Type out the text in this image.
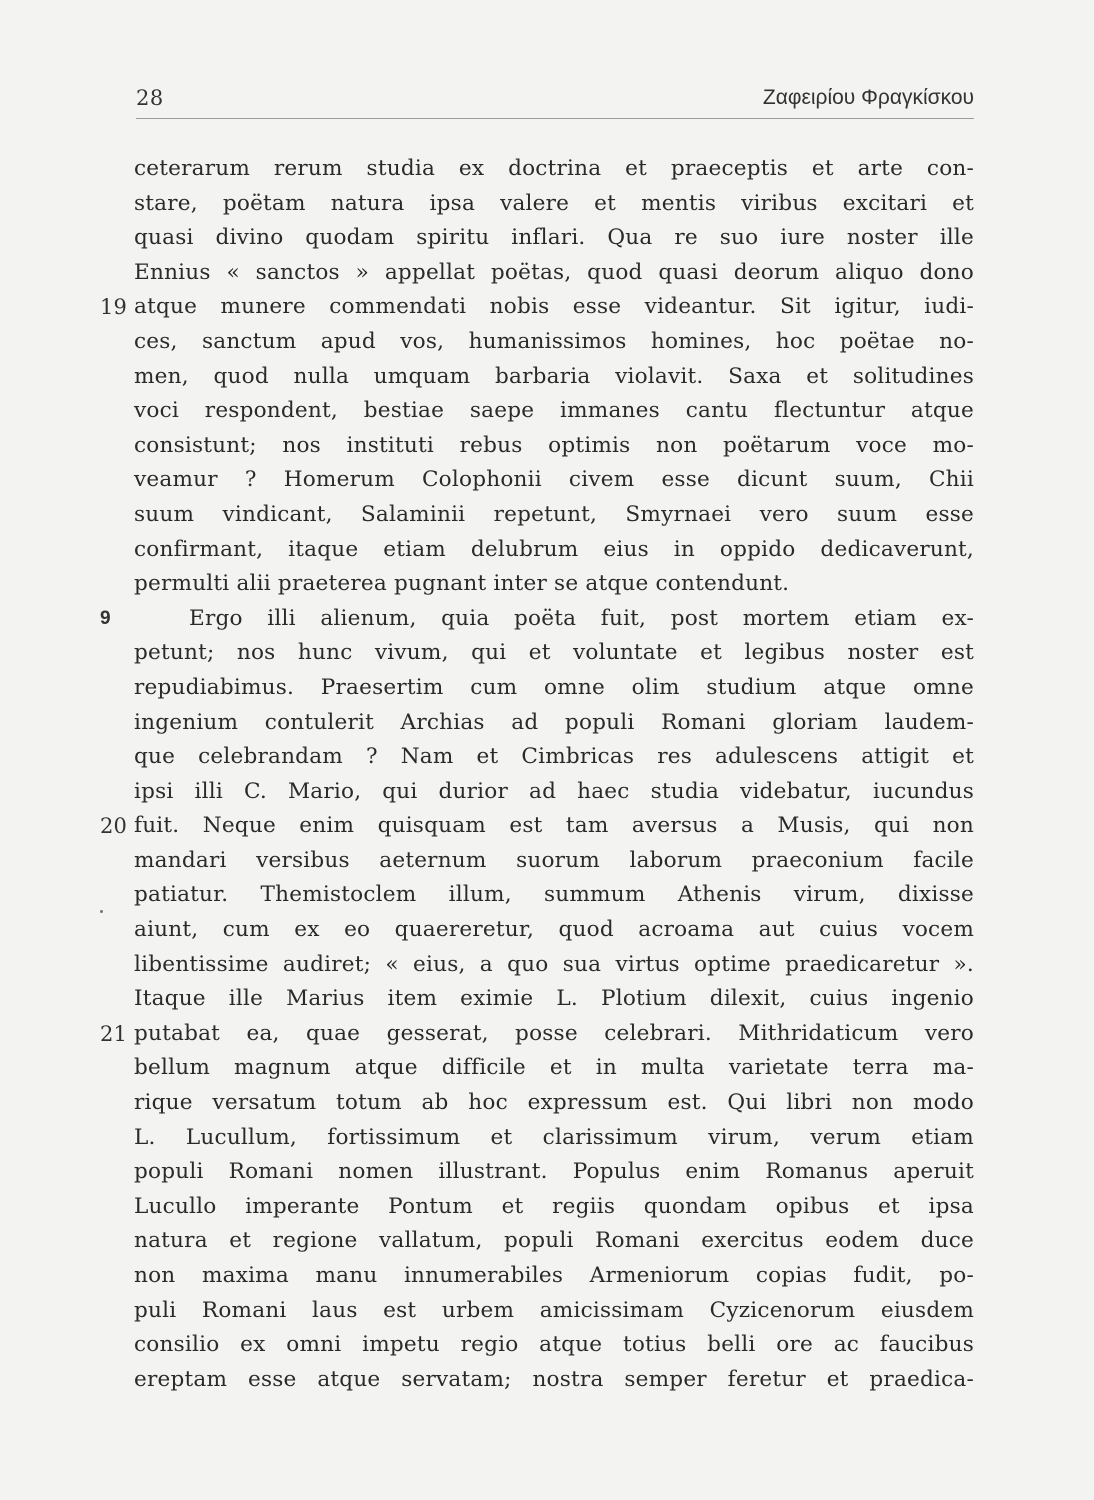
28	Ζαφειρίου Φραγκίσκου
ceterarum rerum studia ex doctrina et praeceptis et arte con-
stare, poëtam natura ipsa valere et mentis viribus excitari et
quasi divino quodam spiritu inflari. Qua re suo iure noster ille
Ennius « sanctos » appellat poëtas, quod quasi deorum aliquo dono
19 atque munere commendati nobis esse videantur. Sit igitur, iudi-
ces, sanctum apud vos, humanissimos homines, hoc poëtae no-
men, quod nulla umquam barbaria violavit. Saxa et solitudines
voci respondent, bestiae saepe immanes cantu flectuntur atque
consistunt; nos instituti rebus optimis non poëtarum voce mo-
veamur ? Homerum Colophonii civem esse dicunt suum, Chii
suum vindicant, Salaminii repetunt, Smyrnaei vero suum esse
confirmant, itaque etiam delubrum eius in oppido dedicaverunt,
permulti alii praeterea pugnant inter se atque contendunt.
9	Ergo illi alienum, quia poëta fuit, post mortem etiam ex-
petunt; nos hunc vivum, qui et voluntate et legibus noster est
repudiabimus. Praesertim cum omne olim studium atque omne
ingenium contulerit Archias ad populi Romani gloriam laudem-
que celebrandam ? Nam et Cimbricas res adulescens attigit et
ipsi illi C. Mario, qui durior ad haec studia videbatur, iucundus
20 fuit. Neque enim quisquam est tam aversus a Musis, qui non
mandari versibus aeternum suorum laborum praeconium facile
patiatur. Themistoclem illum, summum Athenis virum, dixisse
aiunt, cum ex eo quaereretur, quod acroama aut cuius vocem
libentissime audiret; « eius, a quo sua virtus optime praedicaretur ».
Itaque ille Marius item eximie L. Plotium dilexit, cuius ingenio
21 putabat ea, quae gesserat, posse celebrari. Mithridaticum vero
bellum magnum atque difficile et in multa varietate terra ma-
rique versatum totum ab hoc expressum est. Qui libri non modo
L. Lucullum, fortissimum et clarissimum virum, verum etiam
populi Romani nomen illustrant. Populus enim Romanus aperuit
Lucullo imperante Pontum et regiis quondam opibus et ipsa
natura et regione vallatum, populi Romani exercitus eodem duce
non maxima manu innumerabiles Armeniorum copias fudit, po-
puli Romani laus est urbem amicissimam Cyzicenorum eiusdem
consilio ex omni impetu regio atque totius belli ore ac faucibus
ereptam esse atque servatam; nostra semper feretur et praedica-
